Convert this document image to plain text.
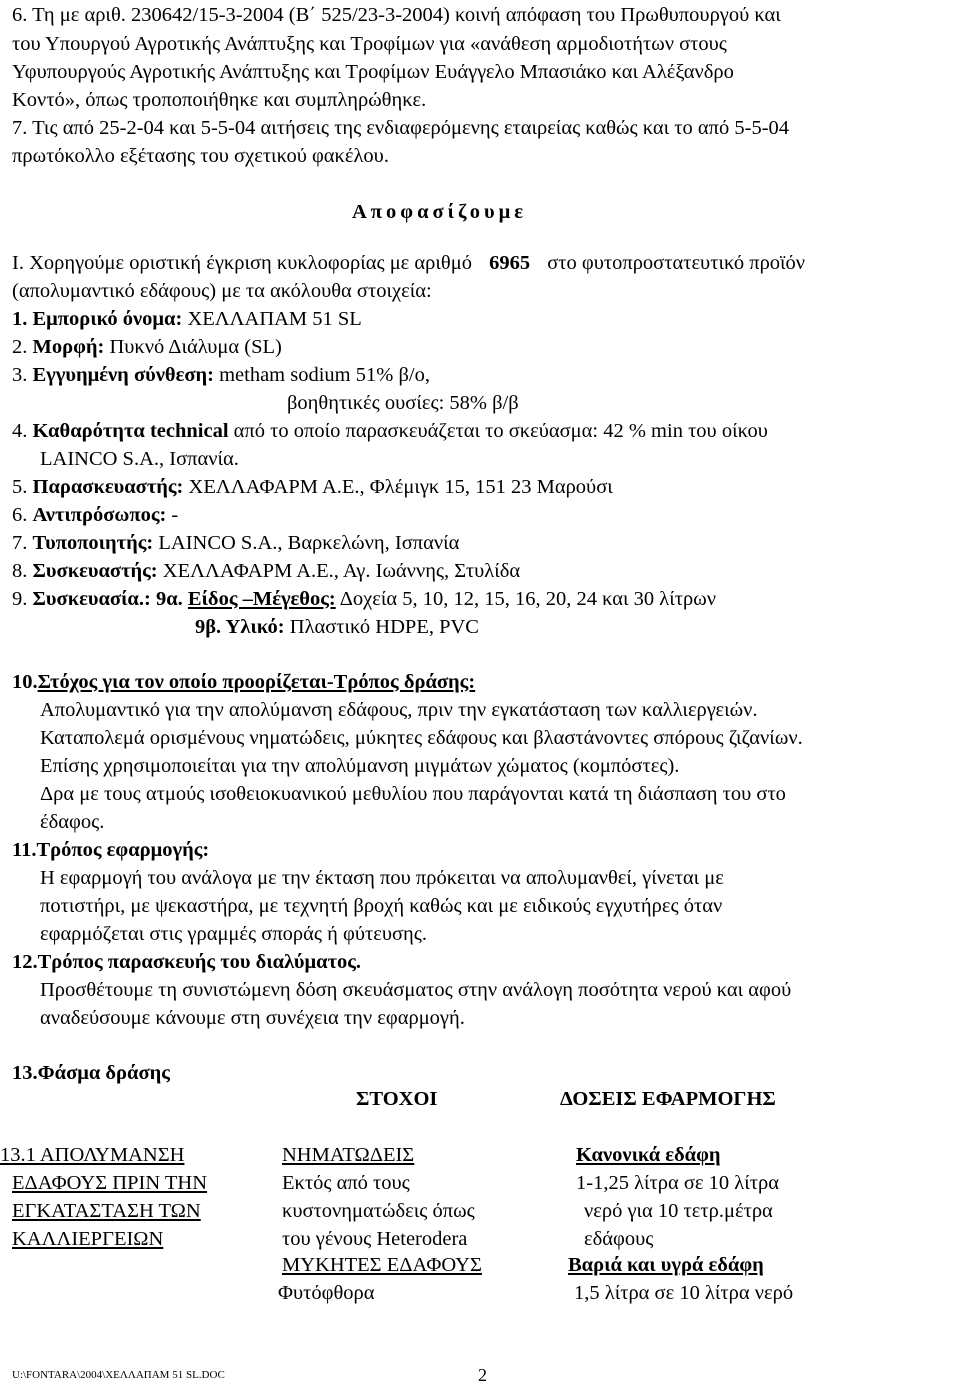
6. Τη με αριθ. 230642/15-3-2004 (Β΄ 525/23-3-2004) κοινή απόφαση του Πρωθυπουργού και
του Υπουργού Αγροτικής Ανάπτυξης και Τροφίμων για «ανάθεση αρμοδιοτήτων στους
Υφυπουργούς Αγροτικής Ανάπτυξης και Τροφίμων Ευάγγελο Μπασιάκο και Αλέξανδρο
Κοντό», όπως τροποποιήθηκε και συμπληρώθηκε.
7. Τις από 25-2-04 και 5-5-04 αιτήσεις της ενδιαφερόμενης εταιρείας καθώς και το από 5-5-04
πρωτόκολλο εξέτασης του σχετικού φακέλου.
Αποφασίζουμε
Ι. Χορηγούμε οριστική έγκριση κυκλοφορίας με αριθμό 6965 στο φυτοπροστατευτικό προϊόν
(απολυμαντικό εδάφους) με τα ακόλουθα στοιχεία:
1. Εμπορικό όνομα: ΧΕΛΛΑΠΑΜ 51 SL
2. Μορφή: Πυκνό Διάλυμα (SL)
3. Εγγυημένη σύνθεση: metham sodium 51% β/ο,
βοηθητικές ουσίες: 58% β/β
4. Καθαρότητα technical από το οποίο παρασκευάζεται το σκεύασμα: 42 % min του οίκου
LAINCO S.A., Ισπανία.
5. Παρασκευαστής: ΧΕΛΛΑΦΑΡΜ Α.Ε., Φλέμιγκ 15, 151 23 Μαρούσι
6. Αντιπρόσωπος: -
7. Τυποποιητής: LAINCO S.A., Βαρκελώνη, Ισπανία
8. Συσκευαστής: ΧΕΛΛΑΦΑΡΜ Α.Ε., Αγ. Ιωάννης, Στυλίδα
9. Συσκευασία.: 9α. Είδος –Μέγεθος: Δοχεία 5, 10, 12, 15, 16, 20, 24 και 30 λίτρων
9β. Υλικό: Πλαστικό HDPE, PVC
10.Στόχος για τον οποίο προορίζεται-Τρόπος δράσης:
Απολυμαντικό για την απολύμανση εδάφους, πριν την εγκατάσταση των καλλιεργειών.
Καταπολεμά ορισμένους νηματώδεις, μύκητες εδάφους και βλαστάνοντες σπόρους ζιζανίων.
Επίσης χρησιμοποιείται για την απολύμανση μιγμάτων χώματος (κομπόστες).
Δρα με τους ατμούς ισοθειοκυανικού μεθυλίου που παράγονται κατά τη διάσπαση του στο
έδαφος.
11.Τρόπος εφαρμογής:
Η εφαρμογή του ανάλογα με την έκταση που πρόκειται να απολυμανθεί, γίνεται με
ποτιστήρι, με ψεκαστήρα, με τεχνητή βροχή καθώς και με ειδικούς εγχυτήρες όταν
εφαρμόζεται στις γραμμές σποράς ή φύτευσης.
12.Τρόπος παρασκευής του διαλύματος.
Προσθέτουμε τη συνιστώμενη δόση σκευάσματος στην ανάλογη ποσότητα νερού και αφού
αναδεύσουμε κάνουμε στη συνέχεια την εφαρμογή.
13.Φάσμα δράσης
ΣΤΟΧΟΙ	ΔΟΣΕΙΣ ΕΦΑΡΜΟΓΗΣ
13.1 ΑΠΟΛΥΜΑΝΣΗ
ΕΔΑΦΟΥΣ ΠΡΙΝ ΤΗΝ
ΕΓΚΑΤΑΣΤΑΣΗ ΤΩΝ
ΚΑΛΛΙΕΡΓΕΙΩΝ
ΝΗΜΑΤΩΔΕΙΣ
Εκτός από τους
κυστονηματώδεις όπως
του γένους Heterodera
ΜΥΚΗΤΕΣ ΕΔΑΦΟΥΣ
Φυτόφθορα
Κανονικά εδάφη
1-1,25 λίτρα σε 10 λίτρα
νερό για 10 τετρ.μέτρα
εδάφους
Βαριά και υγρά εδάφη
1,5 λίτρα σε 10 λίτρα νερό
U:\FONTARA\2004\ΧΕΛΛΑΠΑΜ 51 SL.DOC	2
